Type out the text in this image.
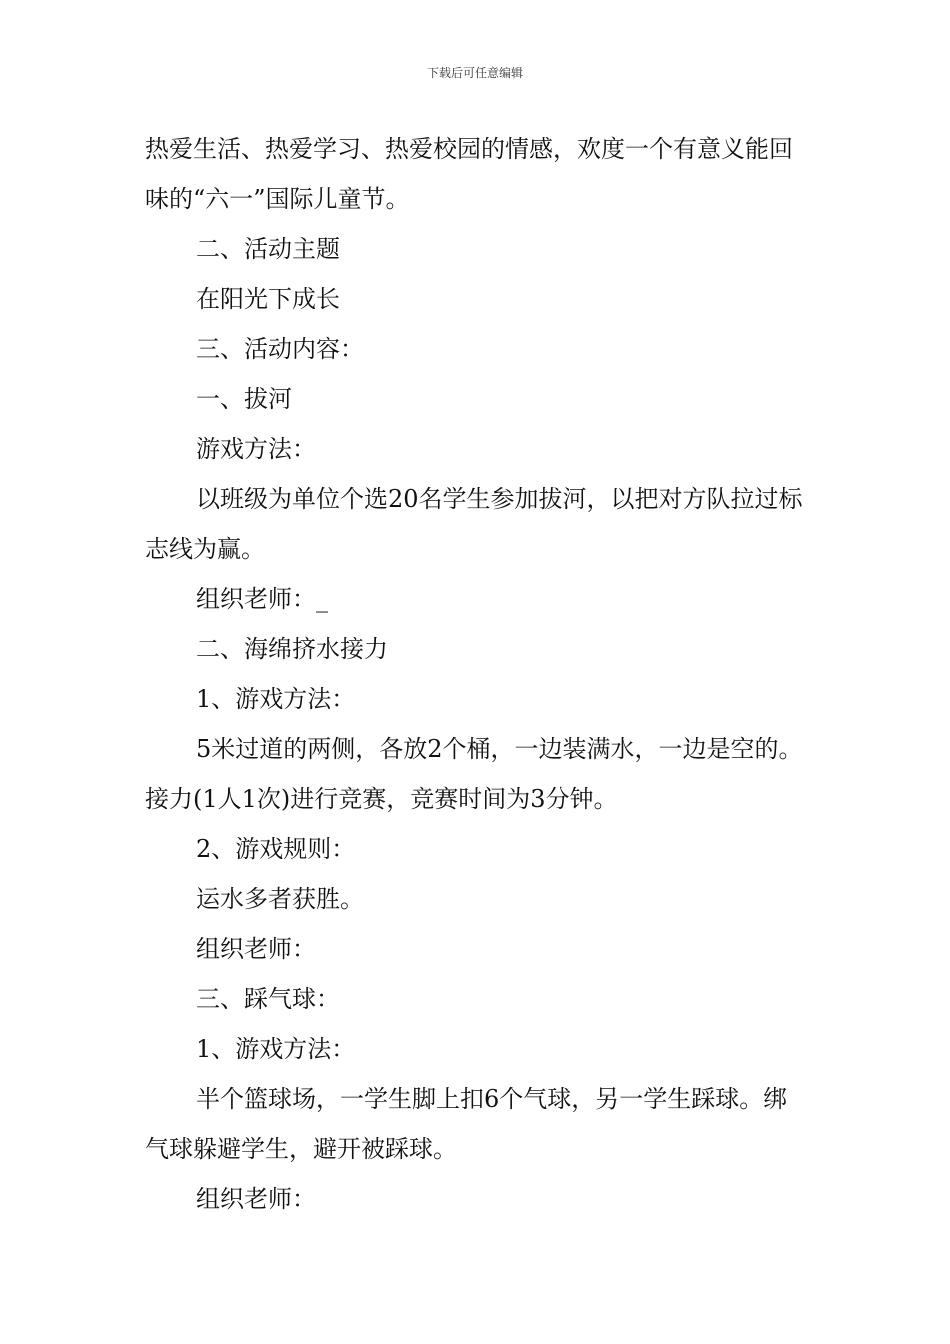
下载后可任意编辑

热爱生活、热爱学习、热爱校园的情感，欢度一个有意义能回味的“六一”国际儿童节。

二、活动主题

在阳光下成长

三、活动内容：

一、拔河

游戏方法：

以班级为单位个选20名学生参加拔河，以把对方队拉过标志线为赢。

组织老师：_

二、海绵挤水接力

1、游戏方法：

5米过道的两侧，各放2个桶，一边装满水，一边是空的。接力(1人1次)进行竞赛，竞赛时间为3分钟。

2、游戏规则：

运水多者获胜。

组织老师：

三、踩气球：

1、游戏方法：

半个篮球场，一学生脚上扣6个气球，另一学生踩球。绑气球躲避学生，避开被踩球。

组织老师：
